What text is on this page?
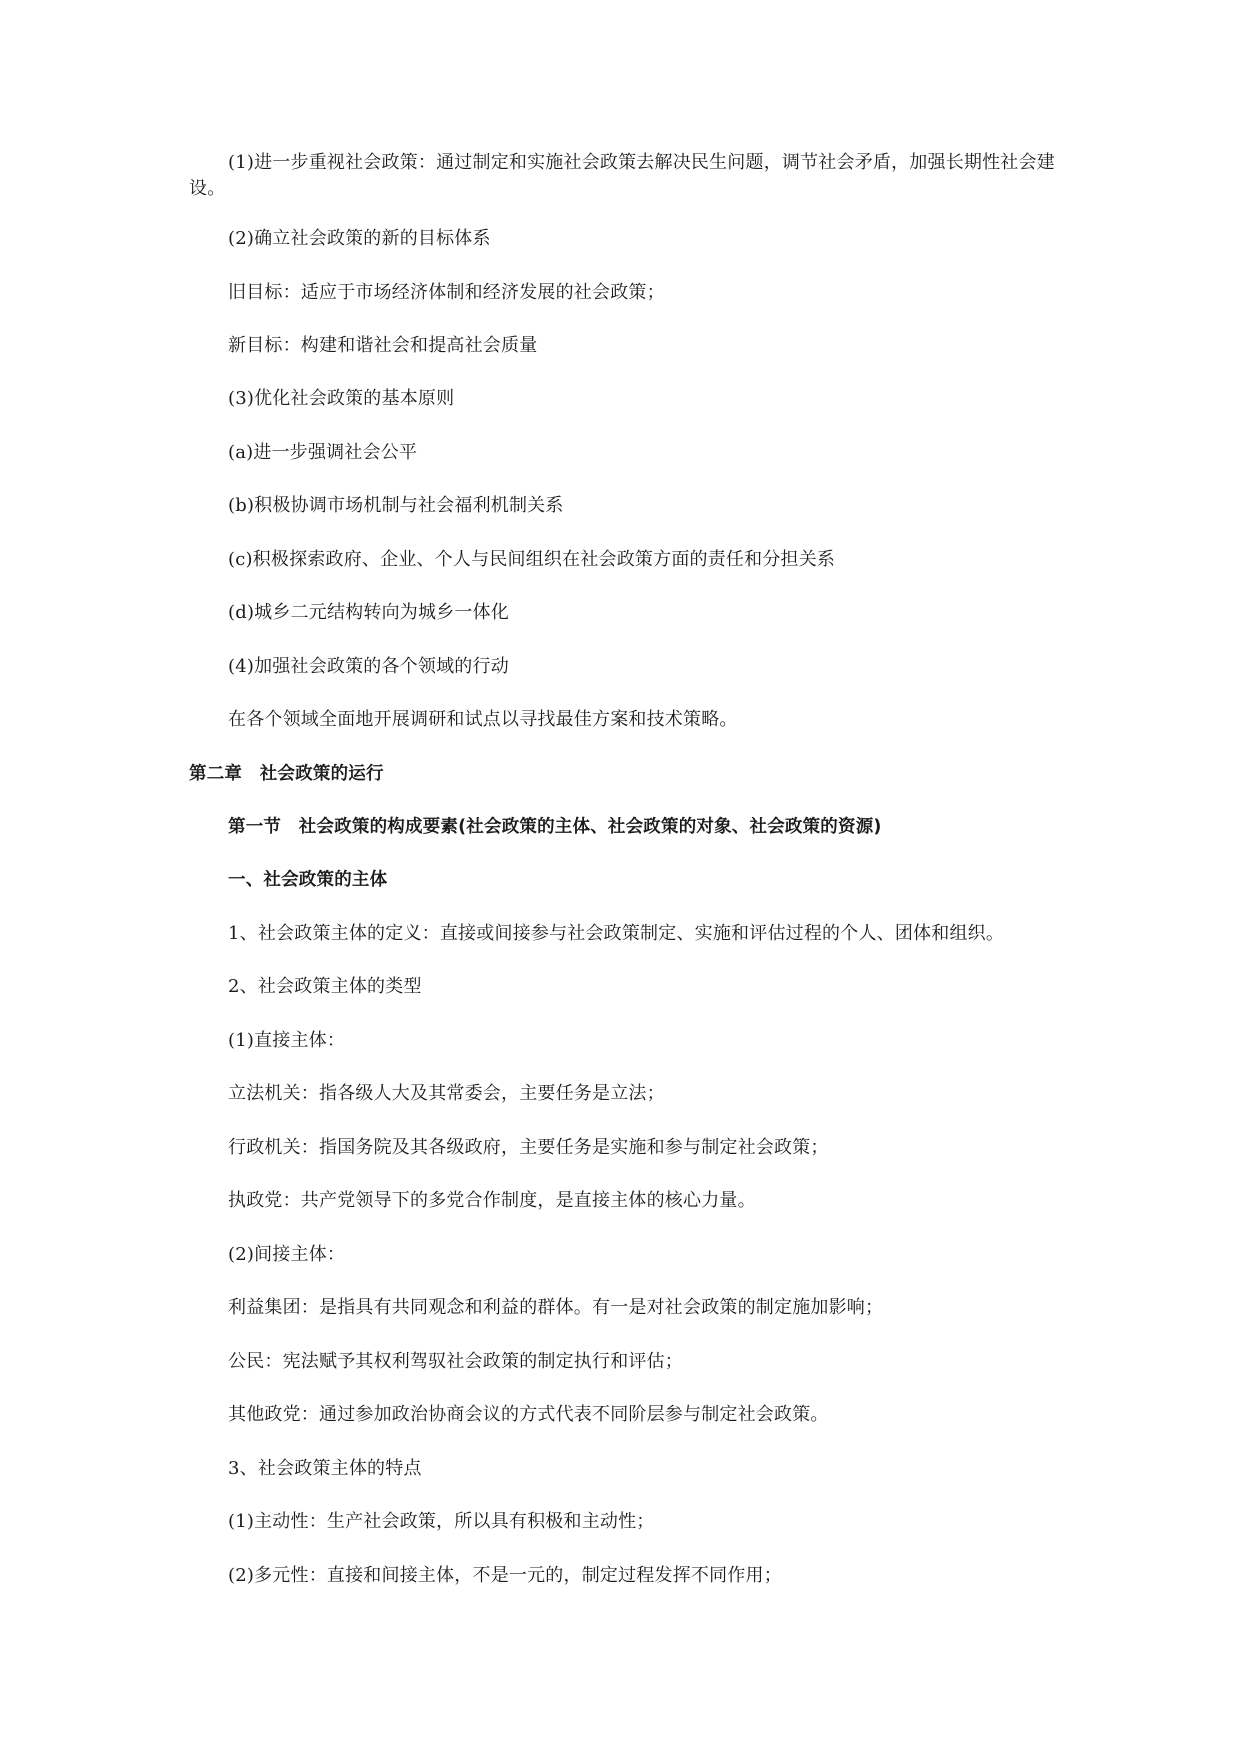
(1)进一步重视社会政策：通过制定和实施社会政策去解决民生问题，调节社会矛盾，加强长期性社会建设。
(2)确立社会政策的新的目标体系
旧目标：适应于市场经济体制和经济发展的社会政策；
新目标：构建和谐社会和提高社会质量
(3)优化社会政策的基本原则
(a)进一步强调社会公平
(b)积极协调市场机制与社会福利机制关系
(c)积极探索政府、企业、个人与民间组织在社会政策方面的责任和分担关系
(d)城乡二元结构转向为城乡一体化
(4)加强社会政策的各个领域的行动
在各个领域全面地开展调研和试点以寻找最佳方案和技术策略。
第二章　社会政策的运行
第一节　社会政策的构成要素(社会政策的主体、社会政策的对象、社会政策的资源)
一、社会政策的主体
1、社会政策主体的定义：直接或间接参与社会政策制定、实施和评估过程的个人、团体和组织。
2、社会政策主体的类型
(1)直接主体：
立法机关：指各级人大及其常委会，主要任务是立法；
行政机关：指国务院及其各级政府，主要任务是实施和参与制定社会政策；
执政党：共产党领导下的多党合作制度，是直接主体的核心力量。
(2)间接主体：
利益集团：是指具有共同观念和利益的群体。有一是对社会政策的制定施加影响；
公民：宪法赋予其权利驾驭社会政策的制定执行和评估；
其他政党：通过参加政治协商会议的方式代表不同阶层参与制定社会政策。
3、社会政策主体的特点
(1)主动性：生产社会政策，所以具有积极和主动性；
(2)多元性：直接和间接主体，不是一元的，制定过程发挥不同作用；
